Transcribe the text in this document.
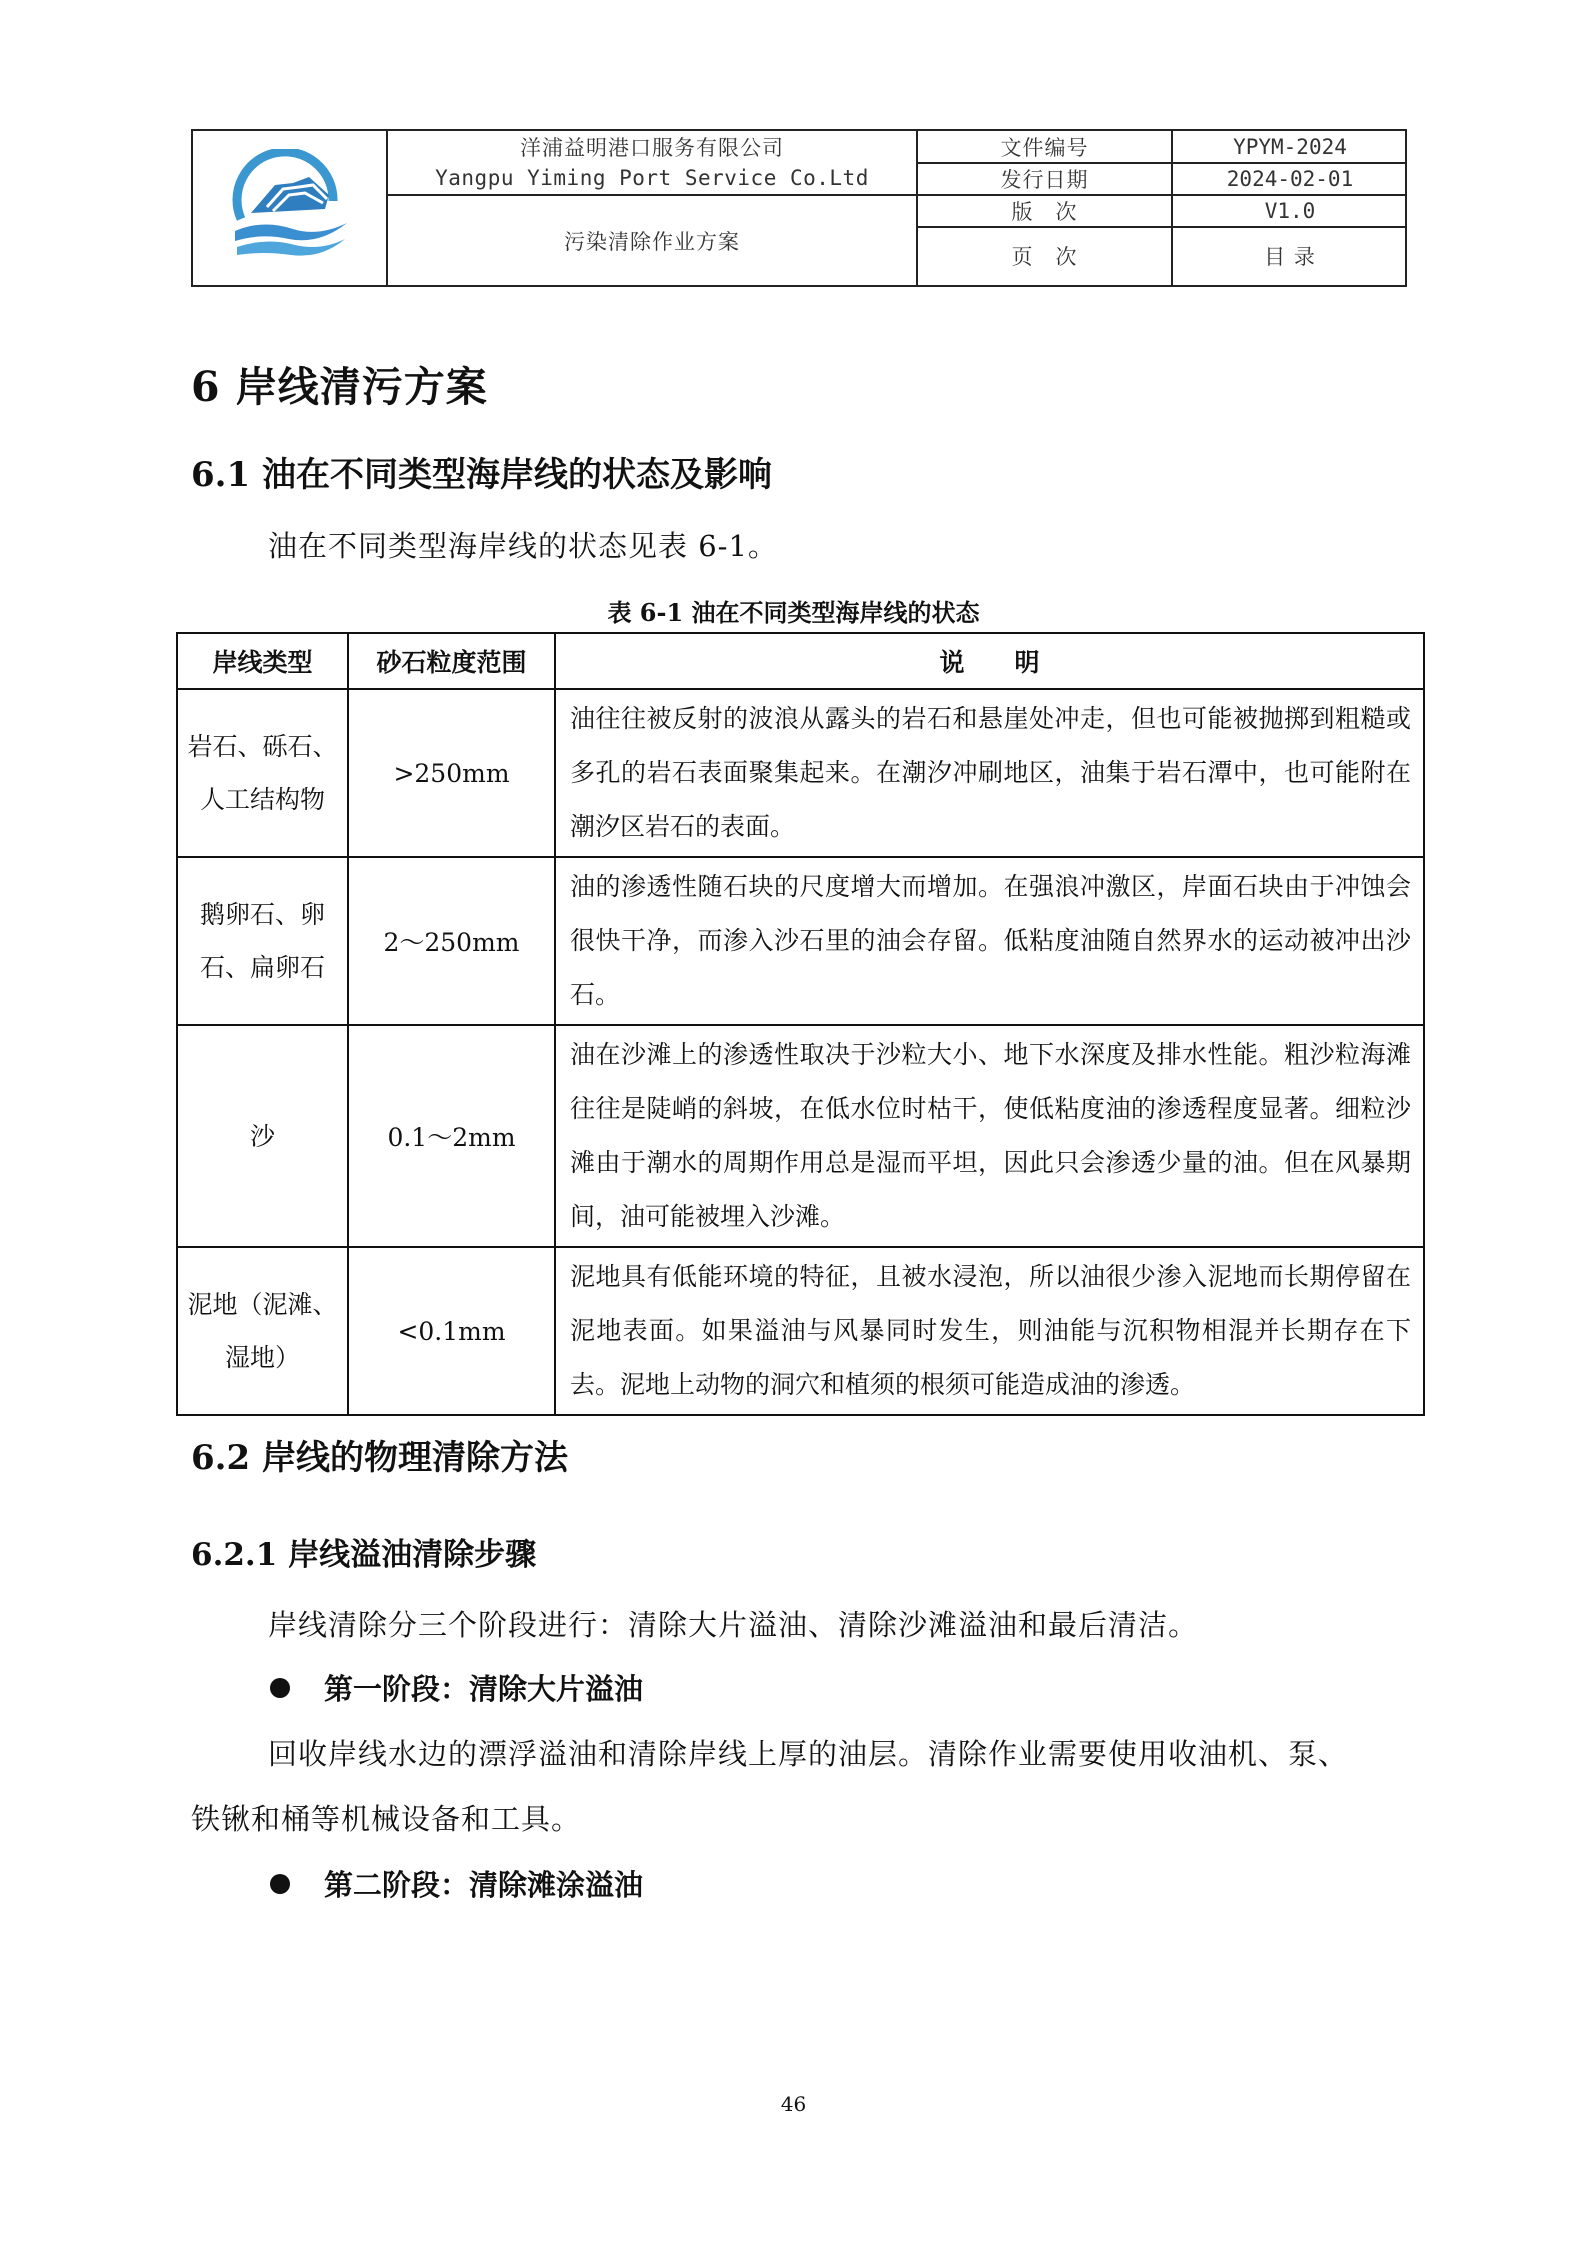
洋浦益明港口服务有限公司
Yangpu Yiming Port Service Co.Ltd
污染清除作业方案
文件编号	YPYM-2024
发行日期	2024-02-01
版　次	V1.0
页　次	目 录
6 岸线清污方案
6.1 油在不同类型海岸线的状态及影响
油在不同类型海岸线的状态见表 6-1。
表 6-1 油在不同类型海岸线的状态
岸线类型	砂石粒度范围	说　　明
岩石、砾石、人工结构物	>250mm	油往往被反射的波浪从露头的岩石和悬崖处冲走，但也可能被抛掷到粗糙或多孔的岩石表面聚集起来。在潮汐冲刷地区，油集于岩石潭中，也可能附在潮汐区岩石的表面。
鹅卵石、卵石、扁卵石	2～250mm	油的渗透性随石块的尺度增大而增加。在强浪冲激区，岸面石块由于冲蚀会很快干净，而渗入沙石里的油会存留。低粘度油随自然界水的运动被冲出沙石。
沙	0.1～2mm	油在沙滩上的渗透性取决于沙粒大小、地下水深度及排水性能。粗沙粒海滩往往是陡峭的斜坡，在低水位时枯干，使低粘度油的渗透程度显著。细粒沙滩由于潮水的周期作用总是湿而平坦，因此只会渗透少量的油。但在风暴期间，油可能被埋入沙滩。
泥地（泥滩、湿地）	<0.1mm	泥地具有低能环境的特征，且被水浸泡，所以油很少渗入泥地而长期停留在泥地表面。如果溢油与风暴同时发生，则油能与沉积物相混并长期存在下去。泥地上动物的洞穴和植须的根须可能造成油的渗透。
6.2 岸线的物理清除方法
6.2.1 岸线溢油清除步骤
岸线清除分三个阶段进行：清除大片溢油、清除沙滩溢油和最后清洁。
第一阶段：清除大片溢油
回收岸线水边的漂浮溢油和清除岸线上厚的油层。清除作业需要使用收油机、泵、
铁锹和桶等机械设备和工具。
第二阶段：清除滩涂溢油
46
